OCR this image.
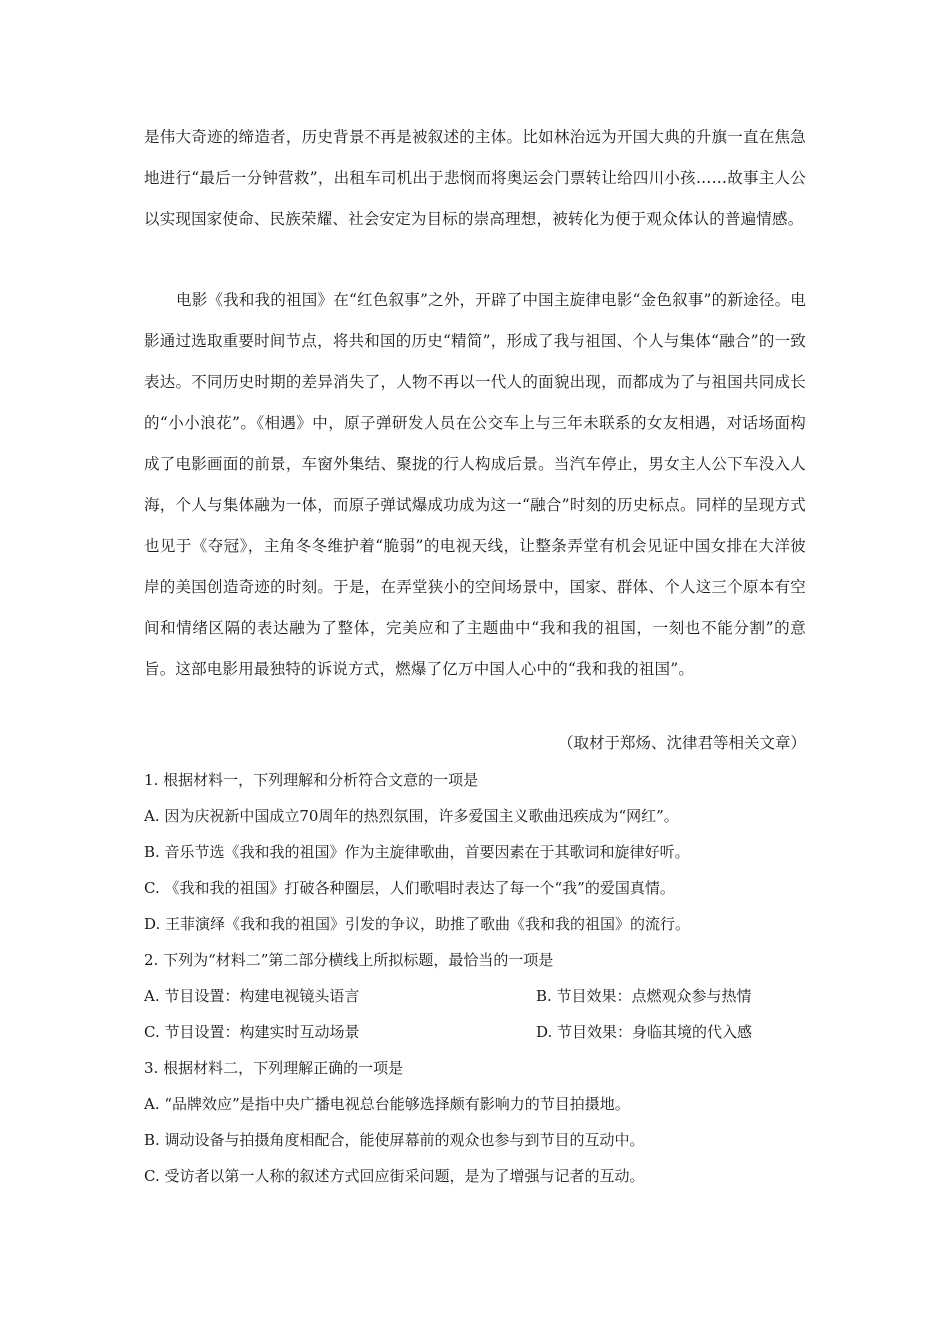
是伟大奇迹的缔造者，历史背景不再是被叙述的主体。比如林治远为开国大典的升旗一直在焦急地进行“最后一分钟营救”，出租车司机出于悲悯而将奥运会门票转让给四川小孩……故事主人公以实现国家使命、民族荣耀、社会安定为目标的崇高理想，被转化为便于观众体认的普遍情感。

电影《我和我的祖国》在“红色叙事”之外，开辟了中国主旋律电影“金色叙事”的新途径。电影通过选取重要时间节点，将共和国的历史“精简”，形成了我与祖国、个人与集体“融合”的一致表达。不同历史时期的差异消失了，人物不再以一代人的面貌出现，而都成为了与祖国共同成长的“小小浪花”。《相遇》中，原子弹研发人员在公交车上与三年未联系的女友相遇，对话场面构成了电影画面的前景，车窗外集结、聚拢的行人构成后景。当汽车停止，男女主人公下车没入人海，个人与集体融为一体，而原子弹试爆成功成为这一“融合”时刻的历史标点。同样的呈现方式也见于《夺冠》，主角冬冬维护着“脆弱”的电视天线，让整条弄堂有机会见证中国女排在大洋彼岸的美国创造奇迹的时刻。于是，在弄堂狭小的空间场景中，国家、群体、个人这三个原本有空间和情绪区隔的表达融为了整体，完美应和了主题曲中“我和我的祖国，一刻也不能分割”的意旨。这部电影用最独特的诉说方式，燃爆了亿万中国人心中的“我和我的祖国”。

（取材于郑炀、沈律君等相关文章）
1. 根据材料一，下列理解和分析符合文意的一项是
A. 因为庆祝新中国成立70周年的热烈氛围，许多爱国主义歌曲迅疾成为“网红”。
B. 音乐节选《我和我的祖国》作为主旋律歌曲，首要因素在于其歌词和旋律好听。
C. 《我和我的祖国》打破各种圈层，人们歌唱时表达了每一个“我”的爱国真情。
D. 王菲演绎《我和我的祖国》引发的争议，助推了歌曲《我和我的祖国》的流行。
2. 下列为“材料二”第二部分横线上所拟标题，最恰当的一项是
A. 节目设置：构建电视镜头语言	B. 节目效果：点燃观众参与热情
C. 节目设置：构建实时互动场景	D. 节目效果：身临其境的代入感
3. 根据材料二，下列理解正确的一项是
A. “品牌效应”是指中央广播电视总台能够选择颇有影响力的节目拍摄地。
B. 调动设备与拍摄角度相配合，能使屏幕前的观众也参与到节目的互动中。
C. 受访者以第一人称的叙述方式回应街采问题，是为了增强与记者的互动。
